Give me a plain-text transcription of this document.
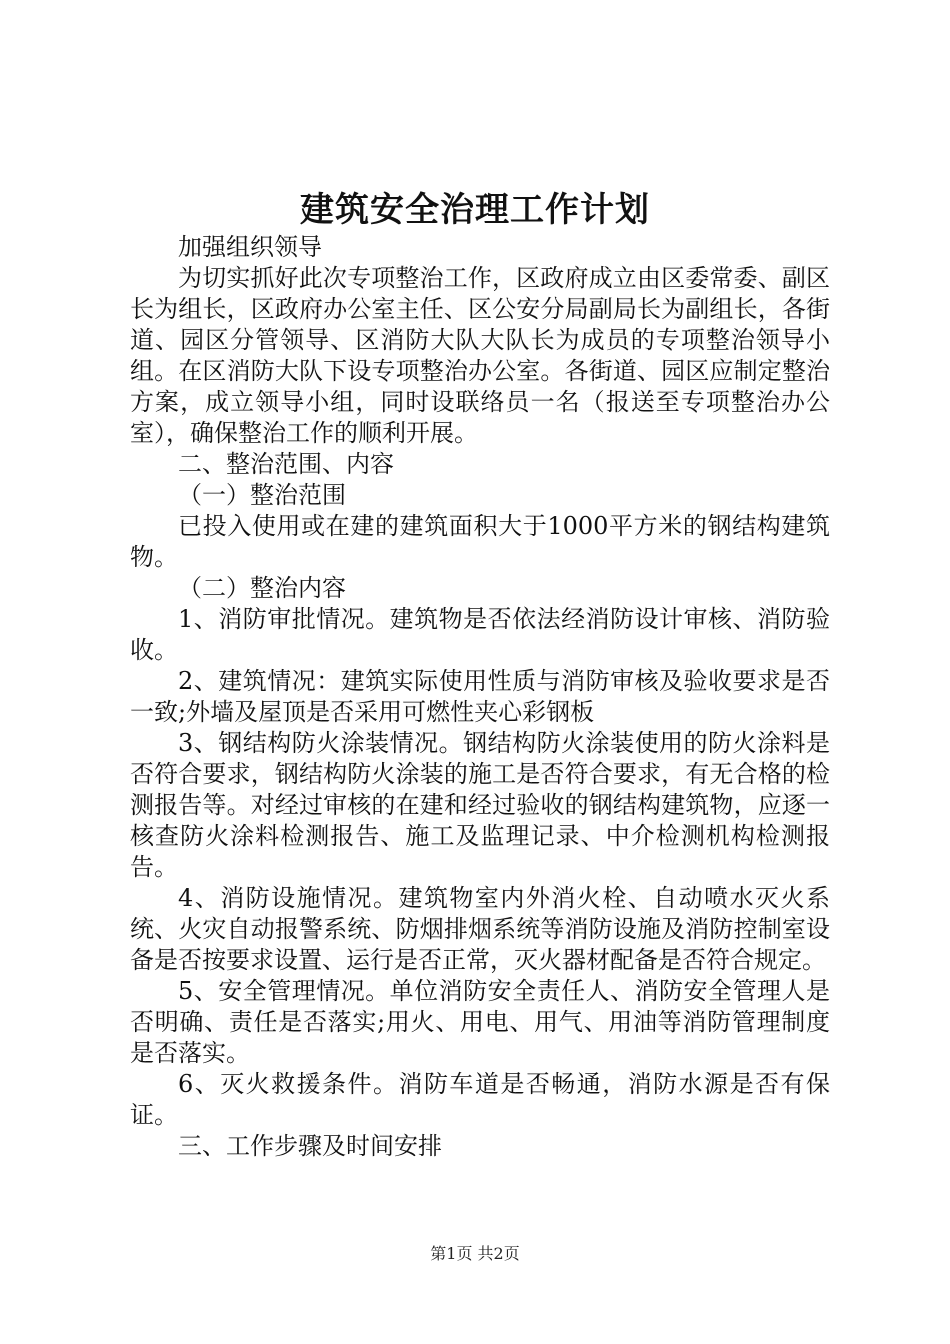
建筑安全治理工作计划

加强组织领导

为切实抓好此次专项整治工作，区政府成立由区委常委、副区长为组长，区政府办公室主任、区公安分局副局长为副组长，各街道、园区分管领导、区消防大队大队长为成员的专项整治领导小组。在区消防大队下设专项整治办公室。各街道、园区应制定整治方案，成立领导小组，同时设联络员一名（报送至专项整治办公室），确保整治工作的顺利开展。

二、整治范围、内容

（一）整治范围

已投入使用或在建的建筑面积大于1000平方米的钢结构建筑物。

（二）整治内容

1、消防审批情况。建筑物是否依法经消防设计审核、消防验收。

2、建筑情况：建筑实际使用性质与消防审核及验收要求是否一致;外墙及屋顶是否采用可燃性夹心彩钢板

3、钢结构防火涂装情况。钢结构防火涂装使用的防火涂料是否符合要求，钢结构防火涂装的施工是否符合要求，有无合格的检测报告等。对经过审核的在建和经过验收的钢结构建筑物，应逐一核查防火涂料检测报告、施工及监理记录、中介检测机构检测报告。

4、消防设施情况。建筑物室内外消火栓、自动喷水灭火系统、火灾自动报警系统、防烟排烟系统等消防设施及消防控制室设备是否按要求设置、运行是否正常，灭火器材配备是否符合规定。

5、安全管理情况。单位消防安全责任人、消防安全管理人是否明确、责任是否落实;用火、用电、用气、用油等消防管理制度是否落实。

6、灭火救援条件。消防车道是否畅通，消防水源是否有保证。

三、工作步骤及时间安排

第1页 共2页
